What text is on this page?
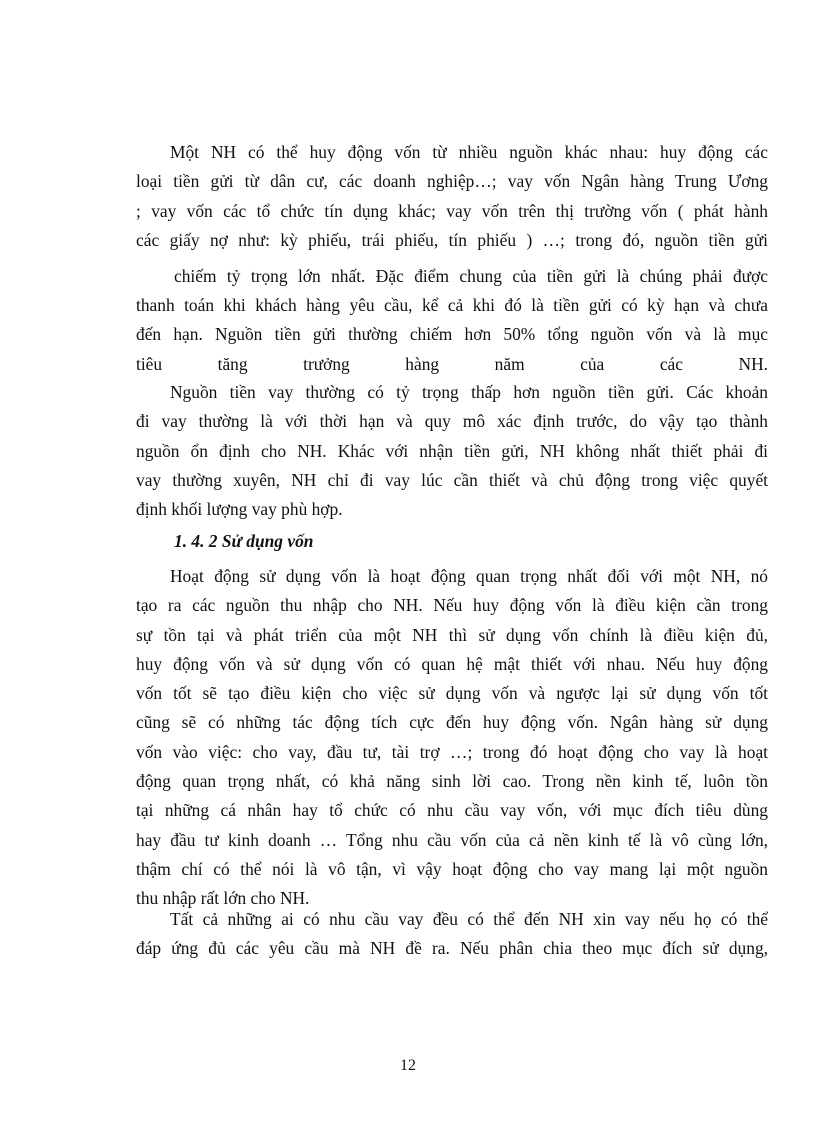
Một NH có thể huy động vốn từ nhiều nguồn khác nhau: huy động các
loại tiền gửi từ dân cư, các doanh nghiệp…; vay vốn Ngân hàng Trung Ương
; vay vốn các tổ chức tín dụng khác; vay vốn trên thị trường vốn ( phát hành
các giấy nợ như: kỳ phiếu, trái phiếu, tín phiếu ) …; trong đó, nguồn tiền gửi
chiếm tỷ trọng lớn nhất. Đặc điểm chung của tiền gửi là chúng phải được
thanh toán khi khách hàng yêu cầu, kể cả khi đó là tiền gửi có kỳ hạn và chưa
đến hạn. Nguồn tiền gửi thường chiếm hơn 50% tổng nguồn vốn và là mục
tiêu tăng trưởng hàng năm của các NH.
Nguồn tiền vay thường có tỷ trọng thấp hơn nguồn tiền gửi. Các khoản
đi vay thường là với thời hạn và quy mô xác định trước, do vậy tạo thành
nguồn ổn định cho NH. Khác với nhận tiền gửi, NH không nhất thiết phải đi
vay thường xuyên, NH chỉ đi vay lúc cần thiết và chủ động trong việc quyết
định khối lượng vay phù hợp.
1. 4. 2 Sử dụng vốn
Hoạt động sử dụng vốn là hoạt động quan trọng nhất đối với một NH, nó
tạo ra các nguồn thu nhập cho NH. Nếu huy động vốn là điều kiện cần trong
sự tồn tại và phát triển của một NH thì sử dụng vốn chính là điều kiện đủ,
huy động vốn và sử dụng vốn có quan hệ mật thiết với nhau. Nếu huy động
vốn tốt sẽ tạo điều kiện cho việc sử dụng vốn và ngược lại sử dụng vốn tốt
cũng sẽ có những tác động tích cực đến huy động vốn. Ngân hàng sử dụng
vốn vào việc: cho vay, đầu tư, tài trợ …; trong đó hoạt động cho vay là hoạt
động quan trọng nhất, có khả năng sinh lời cao. Trong nền kinh tế, luôn tồn
tại những cá nhân hay tổ chức có nhu cầu vay vốn, với mục đích tiêu dùng
hay đầu tư kinh doanh … Tổng nhu cầu vốn của cả nền kinh tế là vô cùng lớn,
thậm chí có thể nói là vô tận, vì vậy hoạt động cho vay mang lại một nguồn
thu nhập rất lớn cho NH.
Tất cả những ai có nhu cầu vay đều có thể đến NH xin vay nếu họ có thể
đáp ứng đủ các yêu cầu mà NH đề ra. Nếu phân chia theo mục đích sử dụng,
12
